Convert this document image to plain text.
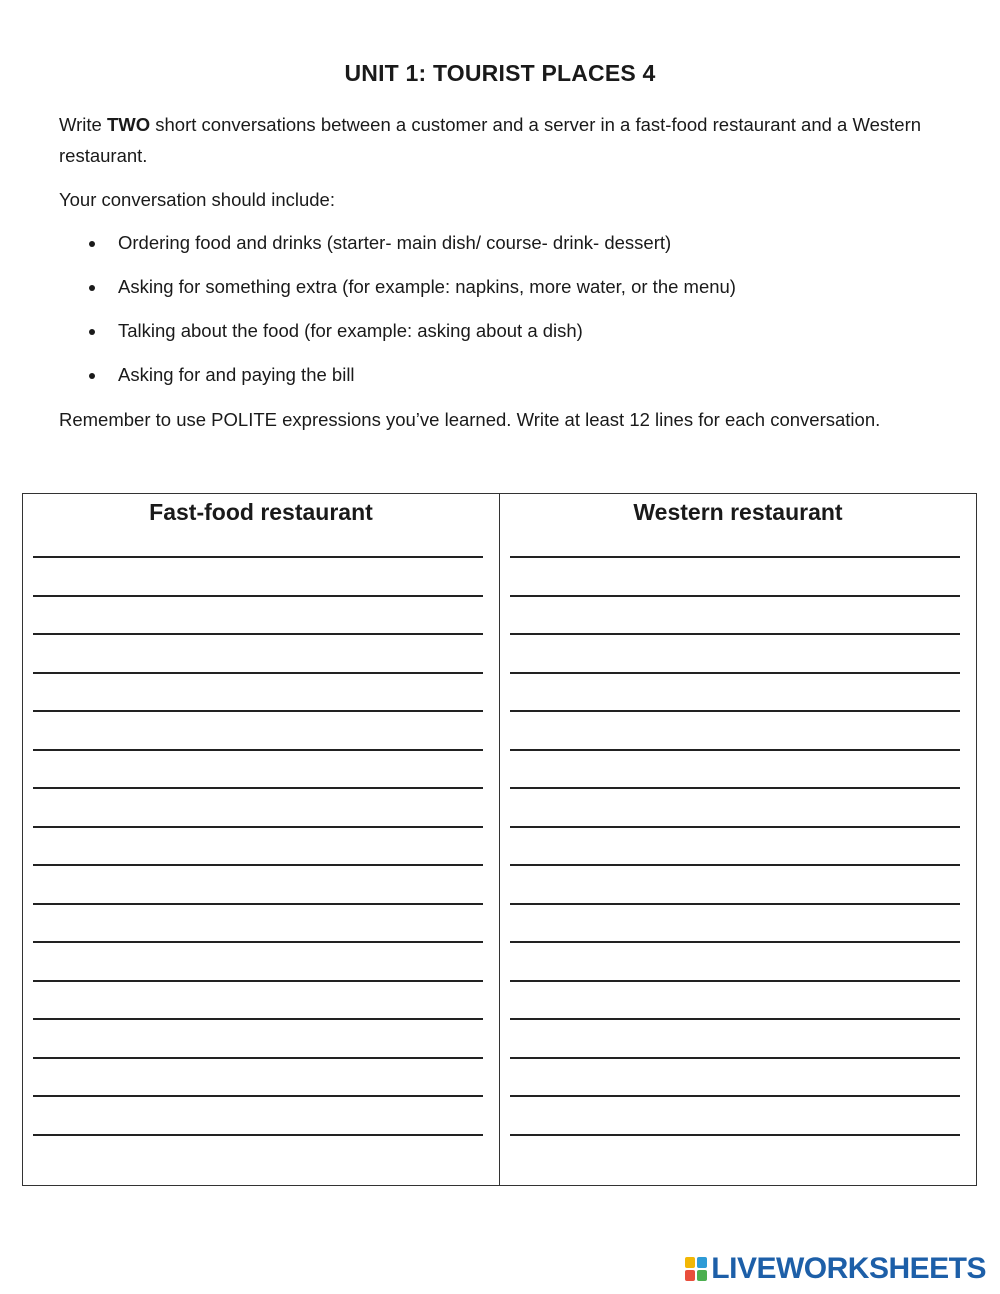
UNIT 1: TOURIST PLACES 4

Write TWO short conversations between a customer and a server in a fast-food restaurant and a Western restaurant.

Your conversation should include:

Ordering food and drinks (starter- main dish/ course- drink- dessert)
Asking for something extra (for example: napkins, more water, or the menu)
Talking about the food (for example: asking about a dish)
Asking for and paying the bill

Remember to use POLITE expressions you’ve learned. Write at least 12 lines for each conversation.

Fast-food restaurant	Western restaurant
LIVEWORKSHEETS
